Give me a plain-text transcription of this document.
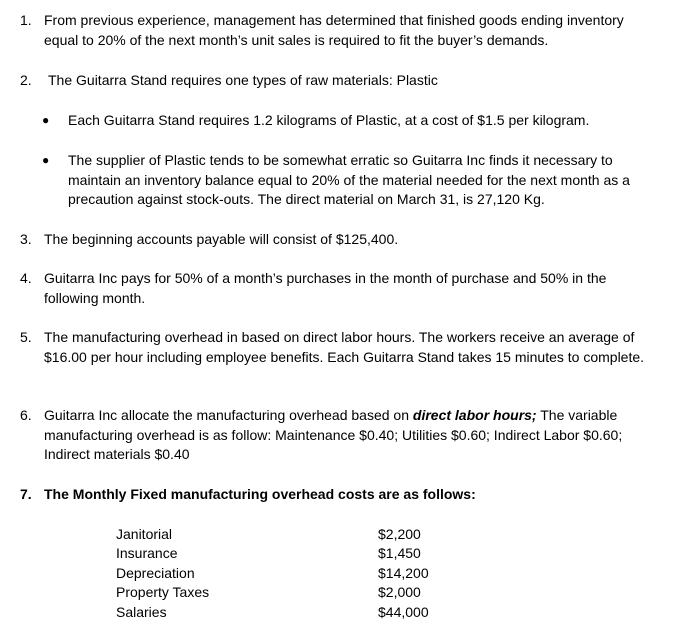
1. From previous experience, management has determined that finished goods ending inventory equal to 20% of the next month’s unit sales is required to fit the buyer’s demands.
2. The Guitarra Stand requires one types of raw materials: Plastic
● Each Guitarra Stand requires 1.2 kilograms of Plastic, at a cost of $1.5 per kilogram.
● The supplier of Plastic tends to be somewhat erratic so Guitarra Inc finds it necessary to maintain an inventory balance equal to 20% of the material needed for the next month as a precaution against stock-outs. The direct material on March 31, is 27,120 Kg.
3. The beginning accounts payable will consist of $125,400.
4. Guitarra Inc pays for 50% of a month’s purchases in the month of purchase and 50% in the following month.
5. The manufacturing overhead in based on direct labor hours. The workers receive an average of $16.00 per hour including employee benefits. Each Guitarra Stand takes 15 minutes to complete.
6. Guitarra Inc allocate the manufacturing overhead based on direct labor hours; The variable manufacturing overhead is as follow: Maintenance $0.40; Utilities $0.60; Indirect Labor $0.60; Indirect materials $0.40
7. The Monthly Fixed manufacturing overhead costs are as follows:
Janitorial	$2,200
Insurance	$1,450
Depreciation	$14,200
Property Taxes	$2,000
Salaries	$44,000
